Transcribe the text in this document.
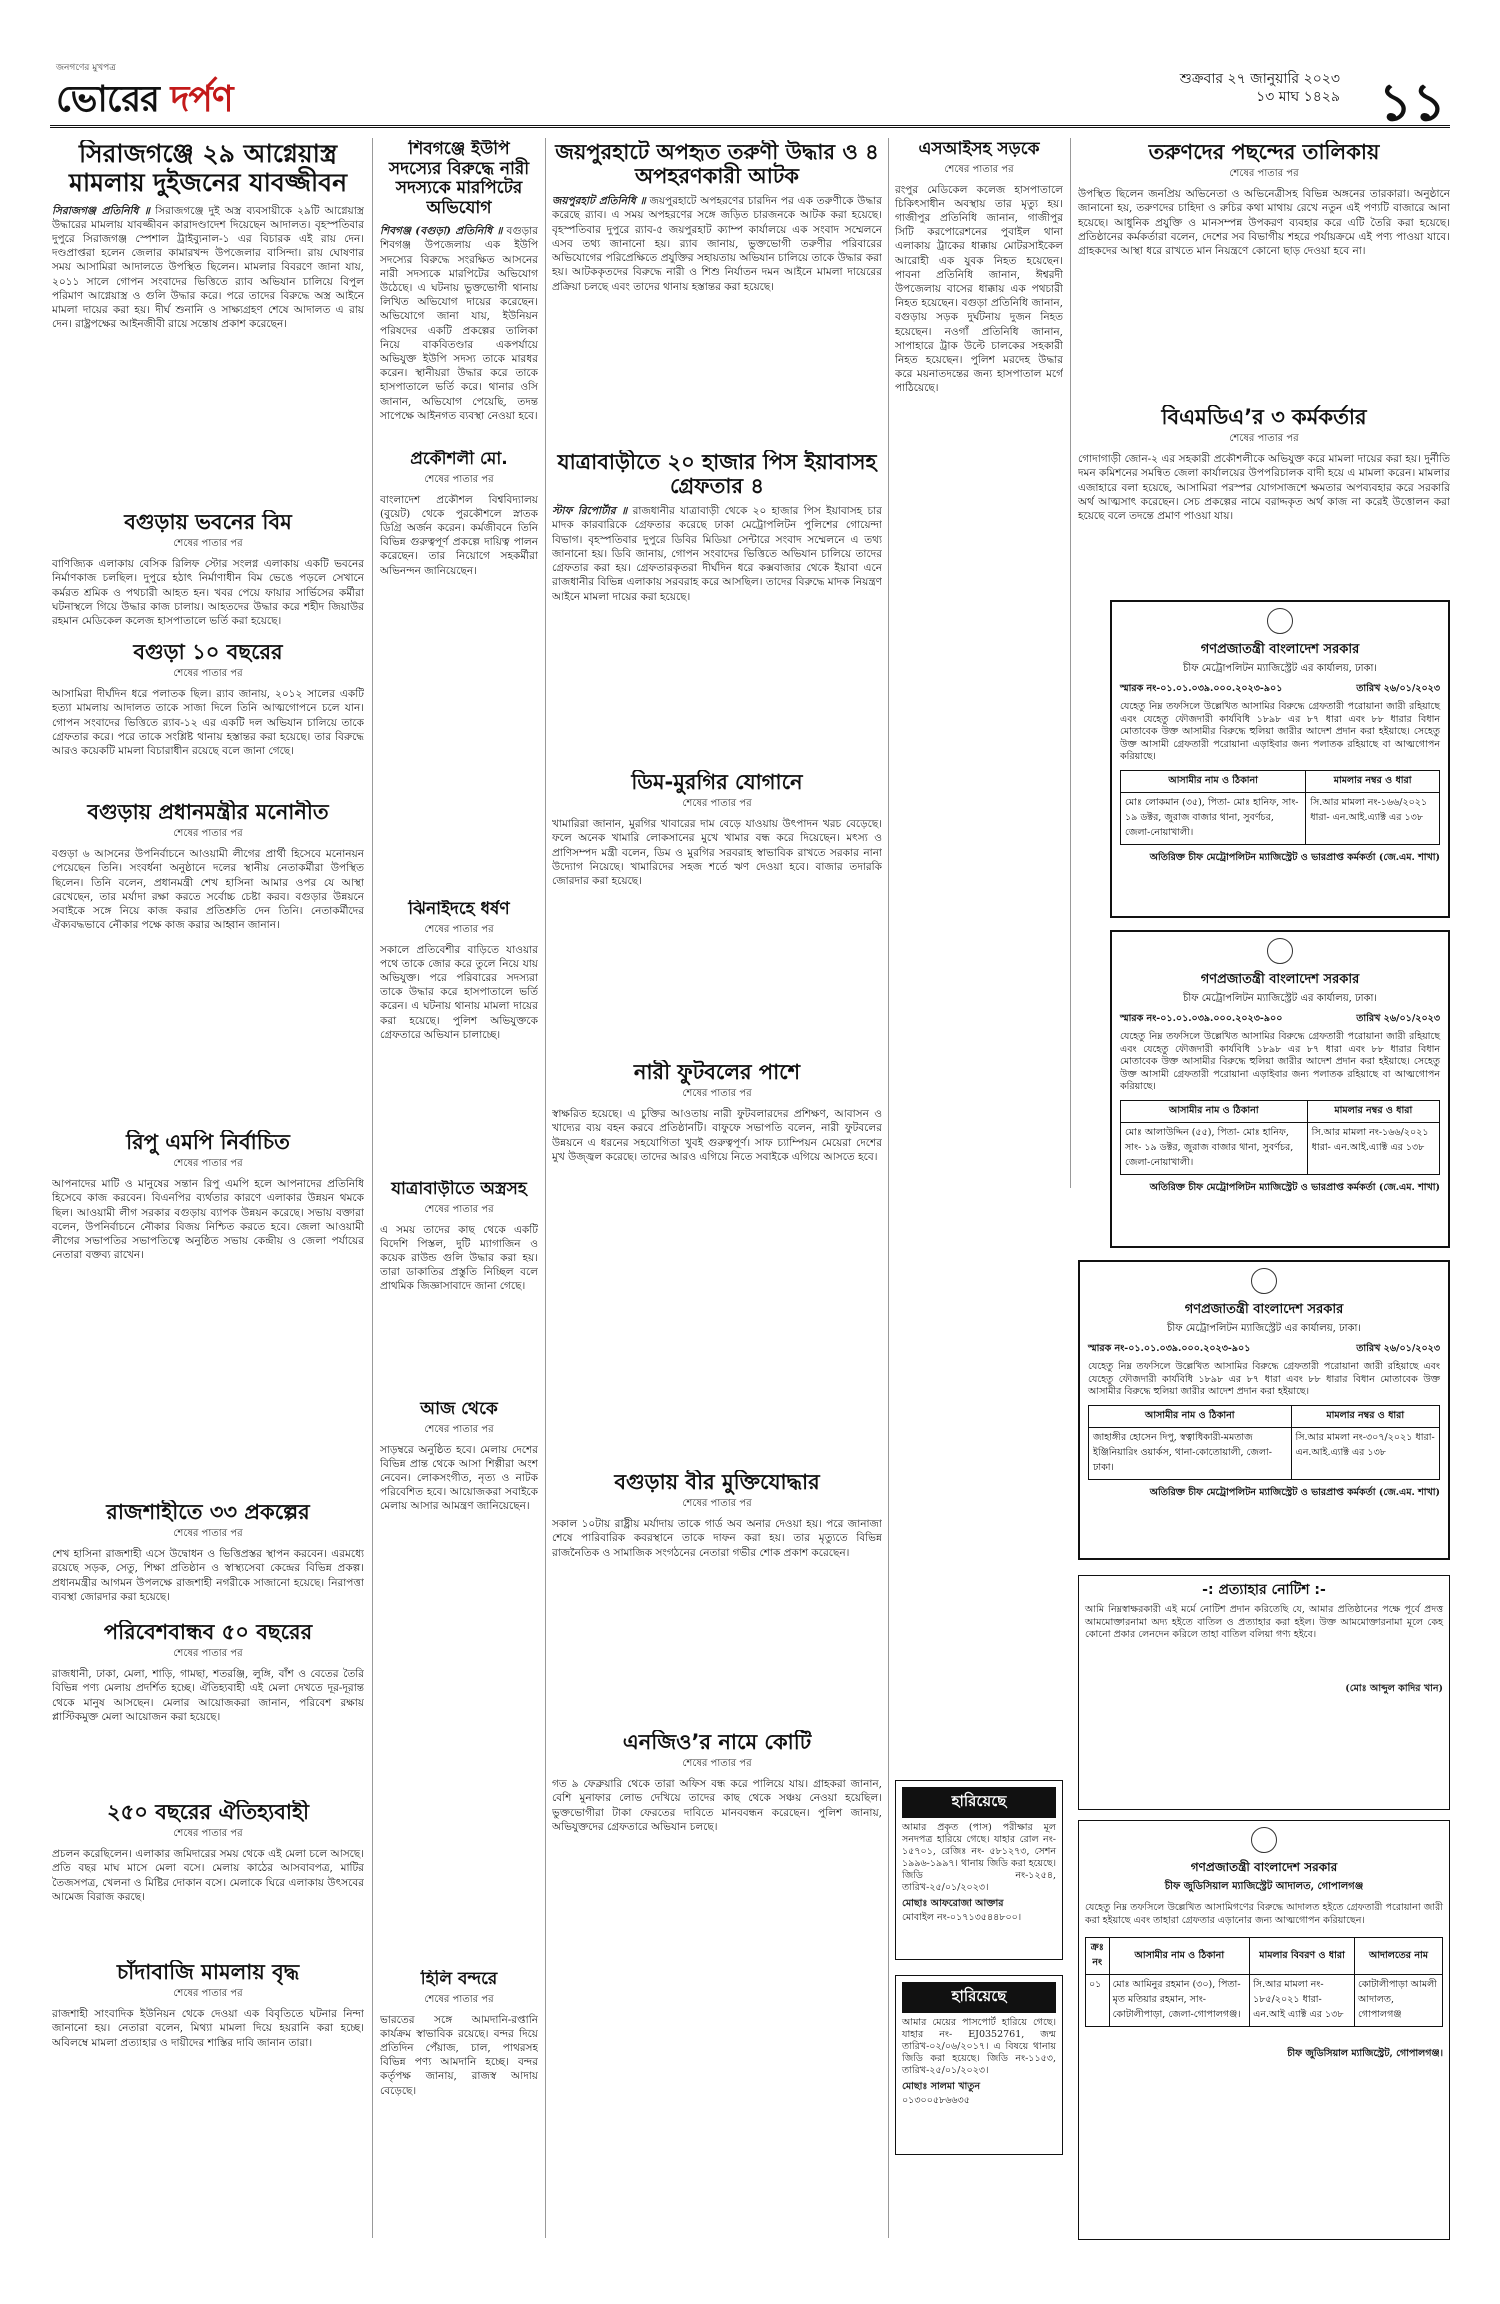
জনগণের মুখপত্র
ভোরের দর্পণ	শুক্রবার ২৭ জানুয়ারি ২০২৩
১৩ মাঘ ১৪২৯ ১১
সিরাজগঞ্জে ২৯ আগ্নেয়াস্ত্র মামলায় দুইজনের যাবজ্জীবন
সিরাজগঞ্জ প্রতিনিধি ॥ সিরাজগঞ্জে দুই অস্ত্র ব্যবসায়ীকে ২৯টি আগ্নেয়াস্ত্র উদ্ধারের মামলায় যাবজ্জীবন কারাদণ্ডাদেশ দিয়েছেন আদালত। বৃহস্পতিবার দুপুরে সিরাজগঞ্জ স্পেশাল ট্রাইব্যুনাল-১ এর বিচারক এই রায় দেন। দণ্ডপ্রাপ্তরা হলেন জেলার কামারখন্দ উপজেলার বাসিন্দা। রায় ঘোষণার সময় আসামিরা আদালতে উপস্থিত ছিলেন। মামলার বিবরণে জানা যায়, ২০১১ সালে গোপন সংবাদের ভিত্তিতে র‌্যাব অভিযান চালিয়ে বিপুল পরিমাণ আগ্নেয়াস্ত্র ও গুলি উদ্ধার করে। পরে তাদের বিরুদ্ধে অস্ত্র আইনে মামলা দায়ের করা হয়। দীর্ঘ শুনানি ও সাক্ষ্যগ্রহণ শেষে আদালত এ রায় দেন। রাষ্ট্রপক্ষের আইনজীবী রায়ে সন্তোষ প্রকাশ করেছেন।
বগুড়ায় ভবনের বিম
শেষের পাতার পর
বাণিজ্যিক এলাকায় বেসিক রিলিফ স্টোর সংলগ্ন এলাকায় একটি ভবনের নির্মাণকাজ চলছিল। দুপুরে হঠাৎ নির্মাণাধীন বিম ভেঙে পড়লে সেখানে কর্মরত শ্রমিক ও পথচারী আহত হন। খবর পেয়ে ফায়ার সার্ভিসের কর্মীরা ঘটনাস্থলে গিয়ে উদ্ধার কাজ চালায়। আহতদের উদ্ধার করে শহীদ জিয়াউর রহমান মেডিকেল কলেজ হাসপাতালে ভর্তি করা হয়েছে।
বগুড়া ১০ বছরের
শেষের পাতার পর
আসামিরা দীর্ঘদিন ধরে পলাতক ছিল। র‌্যাব জানায়, ২০১২ সালের একটি হত্যা মামলায় আদালত তাকে সাজা দিলে তিনি আত্মগোপনে চলে যান। গোপন সংবাদের ভিত্তিতে র‌্যাব-১২ এর একটি দল অভিযান চালিয়ে তাকে গ্রেফতার করে। পরে তাকে সংশ্লিষ্ট থানায় হস্তান্তর করা হয়েছে। তার বিরুদ্ধে আরও কয়েকটি মামলা বিচারাধীন রয়েছে বলে জানা গেছে।
বগুড়ায় প্রধানমন্ত্রীর মনোনীত
শেষের পাতার পর
বগুড়া ৬ আসনের উপনির্বাচনে আওয়ামী লীগের প্রার্থী হিসেবে মনোনয়ন পেয়েছেন তিনি। সংবর্ধনা অনুষ্ঠানে দলের স্থানীয় নেতাকর্মীরা উপস্থিত ছিলেন। তিনি বলেন, প্রধানমন্ত্রী শেখ হাসিনা আমার ওপর যে আস্থা রেখেছেন, তার মর্যাদা রক্ষা করতে সর্বোচ্চ চেষ্টা করব। বগুড়ার উন্নয়নে সবাইকে সঙ্গে নিয়ে কাজ করার প্রতিশ্রুতি দেন তিনি। নেতাকর্মীদের ঐক্যবদ্ধভাবে নৌকার পক্ষে কাজ করার আহ্বান জানান।
রিপু এমপি নির্বাচিত
শেষের পাতার পর
আপনাদের মাটি ও মানুষের সন্তান রিপু এমপি হলে আপনাদের প্রতিনিধি হিসেবে কাজ করবেন। বিএনপির ব্যর্থতার কারণে এলাকার উন্নয়ন থমকে ছিল। আওয়ামী লীগ সরকার বগুড়ায় ব্যাপক উন্নয়ন করেছে। সভায় বক্তারা বলেন, উপনির্বাচনে নৌকার বিজয় নিশ্চিত করতে হবে। জেলা আওয়ামী লীগের সভাপতির সভাপতিত্বে অনুষ্ঠিত সভায় কেন্দ্রীয় ও জেলা পর্যায়ের নেতারা বক্তব্য রাখেন।
রাজশাহীতে ৩৩ প্রকল্পের
শেষের পাতার পর
শেখ হাসিনা রাজশাহী এসে উদ্বোধন ও ভিত্তিপ্রস্তর স্থাপন করবেন। এরমধ্যে রয়েছে সড়ক, সেতু, শিক্ষা প্রতিষ্ঠান ও স্বাস্থ্যসেবা কেন্দ্রের বিভিন্ন প্রকল্প। প্রধানমন্ত্রীর আগমন উপলক্ষে রাজশাহী নগরীকে সাজানো হয়েছে। নিরাপত্তা ব্যবস্থা জোরদার করা হয়েছে।
পরিবেশবান্ধব ৫০ বছরের
শেষের পাতার পর
রাজধানী, ঢাকা, মেলা, শাড়ি, গামছা, শতরঞ্জি, লুঙ্গি, বাঁশ ও বেতের তৈরি বিভিন্ন পণ্য মেলায় প্রদর্শিত হচ্ছে। ঐতিহ্যবাহী এই মেলা দেখতে দূর-দূরান্ত থেকে মানুষ আসছেন। মেলার আয়োজকরা জানান, পরিবেশ রক্ষায় প্লাস্টিকমুক্ত মেলা আয়োজন করা হয়েছে।
২৫০ বছরের ঐতিহ্যবাহী
শেষের পাতার পর
প্রচলন করেছিলেন। এলাকার জমিদারের সময় থেকে এই মেলা চলে আসছে। প্রতি বছর মাঘ মাসে মেলা বসে। মেলায় কাঠের আসবাবপত্র, মাটির তৈজসপত্র, খেলনা ও মিষ্টির দোকান বসে। মেলাকে ঘিরে এলাকায় উৎসবের আমেজ বিরাজ করছে।
চাঁদাবাজি মামলায় বৃদ্ধ
শেষের পাতার পর
রাজশাহী সাংবাদিক ইউনিয়ন থেকে দেওয়া এক বিবৃতিতে ঘটনার নিন্দা জানানো হয়। নেতারা বলেন, মিথ্যা মামলা দিয়ে হয়রানি করা হচ্ছে। অবিলম্বে মামলা প্রত্যাহার ও দায়ীদের শাস্তির দাবি জানান তারা।
শিবগঞ্জে ইউপি সদস্যের বিরুদ্ধে নারী সদস্যকে মারপিটের অভিযোগ
শিবগঞ্জ (বগুড়া) প্রতিনিধি ॥ বগুড়ার শিবগঞ্জ উপজেলায় এক ইউপি সদস্যের বিরুদ্ধে সংরক্ষিত আসনের নারী সদস্যকে মারপিটের অভিযোগ উঠেছে। এ ঘটনায় ভুক্তভোগী থানায় লিখিত অভিযোগ দায়ের করেছেন। অভিযোগে জানা যায়, ইউনিয়ন পরিষদের একটি প্রকল্পের তালিকা নিয়ে বাকবিতণ্ডার একপর্যায়ে অভিযুক্ত ইউপি সদস্য তাকে মারধর করেন। স্থানীয়রা উদ্ধার করে তাকে হাসপাতালে ভর্তি করে। থানার ওসি জানান, অভিযোগ পেয়েছি, তদন্ত সাপেক্ষে আইনগত ব্যবস্থা নেওয়া হবে।
প্রকৌশলী মো.
শেষের পাতার পর
বাংলাদেশ প্রকৌশল বিশ্ববিদ্যালয় (বুয়েট) থেকে পুরকৌশলে স্নাতক ডিগ্রি অর্জন করেন। কর্মজীবনে তিনি বিভিন্ন গুরুত্বপূর্ণ প্রকল্পে দায়িত্ব পালন করেছেন। তার নিয়োগে সহকর্মীরা অভিনন্দন জানিয়েছেন।
ঝিনাইদহে ধর্ষণ
শেষের পাতার পর
সকালে প্রতিবেশীর বাড়িতে যাওয়ার পথে তাকে জোর করে তুলে নিয়ে যায় অভিযুক্ত। পরে পরিবারের সদস্যরা তাকে উদ্ধার করে হাসপাতালে ভর্তি করেন। এ ঘটনায় থানায় মামলা দায়ের করা হয়েছে। পুলিশ অভিযুক্তকে গ্রেফতারে অভিযান চালাচ্ছে।
যাত্রাবাড়ীতে অস্ত্রসহ
শেষের পাতার পর
এ সময় তাদের কাছ থেকে একটি বিদেশি পিস্তল, দুটি ম্যাগাজিন ও কয়েক রাউন্ড গুলি উদ্ধার করা হয়। তারা ডাকাতির প্রস্তুতি নিচ্ছিল বলে প্রাথমিক জিজ্ঞাসাবাদে জানা গেছে।
আজ থেকে
শেষের পাতার পর
সাড়ম্বরে অনুষ্ঠিত হবে। মেলায় দেশের বিভিন্ন প্রান্ত থেকে আসা শিল্পীরা অংশ নেবেন। লোকসংগীত, নৃত্য ও নাটক পরিবেশিত হবে। আয়োজকরা সবাইকে মেলায় আসার আমন্ত্রণ জানিয়েছেন।
হিলি বন্দরে
শেষের পাতার পর
ভারতের সঙ্গে আমদানি-রপ্তানি কার্যক্রম স্বাভাবিক রয়েছে। বন্দর দিয়ে প্রতিদিন পেঁয়াজ, চাল, পাথরসহ বিভিন্ন পণ্য আমদানি হচ্ছে। বন্দর কর্তৃপক্ষ জানায়, রাজস্ব আদায় বেড়েছে।
জয়পুরহাটে অপহৃত তরুণী উদ্ধার ও ৪ অপহরণকারী আটক
জয়পুরহাট প্রতিনিধি ॥ জয়পুরহাটে অপহরণের চারদিন পর এক তরুণীকে উদ্ধার করেছে র‌্যাব। এ সময় অপহরণের সঙ্গে জড়িত চারজনকে আটক করা হয়েছে। বৃহস্পতিবার দুপুরে র‌্যাব-৫ জয়পুরহাট ক্যাম্প কার্যালয়ে এক সংবাদ সম্মেলনে এসব তথ্য জানানো হয়। র‌্যাব জানায়, ভুক্তভোগী তরুণীর পরিবারের অভিযোগের পরিপ্রেক্ষিতে প্রযুক্তির সহায়তায় অভিযান চালিয়ে তাকে উদ্ধার করা হয়। আটককৃতদের বিরুদ্ধে নারী ও শিশু নির্যাতন দমন আইনে মামলা দায়েরের প্রক্রিয়া চলছে এবং তাদের থানায় হস্তান্তর করা হয়েছে।
যাত্রাবাড়ীতে ২০ হাজার পিস ইয়াবাসহ গ্রেফতার ৪
স্টাফ রিপোর্টার ॥ রাজধানীর যাত্রাবাড়ী থেকে ২০ হাজার পিস ইয়াবাসহ চার মাদক কারবারিকে গ্রেফতার করেছে ঢাকা মেট্রোপলিটন পুলিশের গোয়েন্দা বিভাগ। বৃহস্পতিবার দুপুরে ডিবির মিডিয়া সেন্টারে সংবাদ সম্মেলনে এ তথ্য জানানো হয়। ডিবি জানায়, গোপন সংবাদের ভিত্তিতে অভিযান চালিয়ে তাদের গ্রেফতার করা হয়। গ্রেফতারকৃতরা দীর্ঘদিন ধরে কক্সবাজার থেকে ইয়াবা এনে রাজধানীর বিভিন্ন এলাকায় সরবরাহ করে আসছিল। তাদের বিরুদ্ধে মাদক নিয়ন্ত্রণ আইনে মামলা দায়ের করা হয়েছে।
ডিম-মুরগির যোগানে
শেষের পাতার পর
খামারিরা জানান, মুরগির খাবারের দাম বেড়ে যাওয়ায় উৎপাদন খরচ বেড়েছে। ফলে অনেক খামারি লোকসানের মুখে খামার বন্ধ করে দিয়েছেন। মৎস্য ও প্রাণিসম্পদ মন্ত্রী বলেন, ডিম ও মুরগির সরবরাহ স্বাভাবিক রাখতে সরকার নানা উদ্যোগ নিয়েছে। খামারিদের সহজ শর্তে ঋণ দেওয়া হবে। বাজার তদারকি জোরদার করা হয়েছে।
নারী ফুটবলের পাশে
শেষের পাতার পর
স্বাক্ষরিত হয়েছে। এ চুক্তির আওতায় নারী ফুটবলারদের প্রশিক্ষণ, আবাসন ও খাদ্যের ব্যয় বহন করবে প্রতিষ্ঠানটি। বাফুফে সভাপতি বলেন, নারী ফুটবলের উন্নয়নে এ ধরনের সহযোগিতা খুবই গুরুত্বপূর্ণ। সাফ চ্যাম্পিয়ন মেয়েরা দেশের মুখ উজ্জ্বল করেছে। তাদের আরও এগিয়ে নিতে সবাইকে এগিয়ে আসতে হবে।
বগুড়ায় বীর মুক্তিযোদ্ধার
শেষের পাতার পর
সকাল ১০টায় রাষ্ট্রীয় মর্যাদায় তাকে গার্ড অব অনার দেওয়া হয়। পরে জানাজা শেষে পারিবারিক কবরস্থানে তাকে দাফন করা হয়। তার মৃত্যুতে বিভিন্ন রাজনৈতিক ও সামাজিক সংগঠনের নেতারা গভীর শোক প্রকাশ করেছেন।
এনজিও’র নামে কোটি
শেষের পাতার পর
গত ৯ ফেব্রুয়ারি থেকে তারা অফিস বন্ধ করে পালিয়ে যায়। গ্রাহকরা জানান, বেশি মুনাফার লোভ দেখিয়ে তাদের কাছ থেকে সঞ্চয় নেওয়া হয়েছিল। ভুক্তভোগীরা টাকা ফেরতের দাবিতে মানববন্ধন করেছেন। পুলিশ জানায়, অভিযুক্তদের গ্রেফতারে অভিযান চলছে।
এসআইসহ সড়কে
শেষের পাতার পর
রংপুর মেডিকেল কলেজ হাসপাতালে চিকিৎসাধীন অবস্থায় তার মৃত্যু হয়। গাজীপুর প্রতিনিধি জানান, গাজীপুর সিটি করপোরেশনের পুবাইল থানা এলাকায় ট্রাকের ধাক্কায় মোটরসাইকেল আরোহী এক যুবক নিহত হয়েছেন। পাবনা প্রতিনিধি জানান, ঈশ্বরদী উপজেলায় বাসের ধাক্কায় এক পথচারী নিহত হয়েছেন। বগুড়া প্রতিনিধি জানান, বগুড়ায় সড়ক দুর্ঘটনায় দুজন নিহত হয়েছেন। নওগাঁ প্রতিনিধি জানান, সাপাহারে ট্রাক উল্টে চালকের সহকারী নিহত হয়েছেন। পুলিশ মরদেহ উদ্ধার করে ময়নাতদন্তের জন্য হাসপাতাল মর্গে পাঠিয়েছে।
হারিয়েছে
আমার প্রকৃত (পাস) পরীক্ষার মূল সনদপত্র হারিয়ে গেছে। যাহার রোল নং- ১৫৭০১, রেজিঃ নং- ৫৮১২৭৩, সেশন ১৯৯৬-১৯৯৭। থানায় জিডি করা হয়েছে। জিডি নং-১২৫৪, তারিখ-২৫/০১/২০২৩।
মোছাঃ আফরোজা আক্তার
মোবাইল নং-০১৭১৩৫৪৪৮০০।
হারিয়েছে
আমার মেয়ের পাসপোর্ট হারিয়ে গেছে। যাহার নং- EJ0352761, জন্ম তারিখ-০২/০৬/২০১৭। এ বিষয়ে থানায় জিডি করা হয়েছে। জিডি নং-১১৫৩, তারিখ-২৫/০১/২০২৩।
মোছাঃ সালমা খাতুন
০১৩০০৫৮৬৬৩৫
তরুণদের পছন্দের তালিকায়
শেষের পাতার পর
উপস্থিত ছিলেন জনপ্রিয় অভিনেতা ও অভিনেত্রীসহ বিভিন্ন অঙ্গনের তারকারা। অনুষ্ঠানে জানানো হয়, তরুণদের চাহিদা ও রুচির কথা মাথায় রেখে নতুন এই পণ্যটি বাজারে আনা হয়েছে। আধুনিক প্রযুক্তি ও মানসম্পন্ন উপকরণ ব্যবহার করে এটি তৈরি করা হয়েছে। প্রতিষ্ঠানের কর্মকর্তারা বলেন, দেশের সব বিভাগীয় শহরে পর্যায়ক্রমে এই পণ্য পাওয়া যাবে। গ্রাহকদের আস্থা ধরে রাখতে মান নিয়ন্ত্রণে কোনো ছাড় দেওয়া হবে না।
বিএমডিএ’র ৩ কর্মকর্তার
শেষের পাতার পর
গোদাগাড়ী জোন-২ এর সহকারী প্রকৌশলীকে অভিযুক্ত করে মামলা দায়ের করা হয়। দুর্নীতি দমন কমিশনের সমন্বিত জেলা কার্যালয়ের উপপরিচালক বাদী হয়ে এ মামলা করেন। মামলার এজাহারে বলা হয়েছে, আসামিরা পরস্পর যোগসাজশে ক্ষমতার অপব্যবহার করে সরকারি অর্থ আত্মসাৎ করেছেন। সেচ প্রকল্পের নামে বরাদ্দকৃত অর্থ কাজ না করেই উত্তোলন করা হয়েছে বলে তদন্তে প্রমাণ পাওয়া যায়।
গণপ্রজাতন্ত্রী বাংলাদেশ সরকার
চীফ মেট্রোপলিটন ম্যাজিস্ট্রেট এর কার্যালয়, ঢাকা।
স্মারক নং-০১.০১.০৩৯.০০০.২০২৩-৯০১	তারিখ ২৬/০১/২০২৩
যেহেতু নিম্ন তফসিলে উল্লেখিত আসামির বিরুদ্ধে গ্রেফতারী পরোয়ানা জারী রহিয়াছে এবং যেহেতু ফৌজদারী কার্যবিধি ১৮৯৮ এর ৮৭ ধারা এবং ৮৮ ধারার বিধান মোতাবেক উক্ত আসামীর বিরুদ্ধে হুলিয়া জারীর আদেশ প্রদান করা হইয়াছে। সেহেতু উক্ত আসামী গ্রেফতারী পরোয়ানা এড়াইবার জন্য পলাতক রহিয়াছে বা আত্মগোপন করিয়াছে।
আসামীর নাম ও ঠিকানা	মামলার নম্বর ও ধারা
মোঃ লোকমান (৩৫), পিতা- মোঃ হানিফ, সাং- ১৯ ডক্টর, জুরাজ বাজার থানা, সুবর্ণচর, জেলা-নোয়াখালী।	সি.আর মামলা নং-১৬৬/২০২১ ধারা- এন.আই.এ্যাক্ট এর ১৩৮
অতিরিক্ত চীফ মেট্রোপলিটন ম্যাজিস্ট্রেট ও ভারপ্রাপ্ত কর্মকর্তা (জে.এম. শাখা)
গণপ্রজাতন্ত্রী বাংলাদেশ সরকার
চীফ মেট্রোপলিটন ম্যাজিস্ট্রেট এর কার্যালয়, ঢাকা।
স্মারক নং-০১.০১.০৩৯.০০০.২০২৩-৯০০	তারিখ ২৬/০১/২০২৩
যেহেতু নিম্ন তফসিলে উল্লেখিত আসামির বিরুদ্ধে গ্রেফতারী পরোয়ানা জারী রহিয়াছে এবং যেহেতু ফৌজদারী কার্যবিধি ১৮৯৮ এর ৮৭ ধারা এবং ৮৮ ধারার বিধান মোতাবেক উক্ত আসামীর বিরুদ্ধে হুলিয়া জারীর আদেশ প্রদান করা হইয়াছে। সেহেতু উক্ত আসামী গ্রেফতারী পরোয়ানা এড়াইবার জন্য পলাতক রহিয়াছে বা আত্মগোপন করিয়াছে।
আসামীর নাম ও ঠিকানা	মামলার নম্বর ও ধারা
মোঃ আলাউদ্দিন (৫৫), পিতা- মোঃ হানিফ, সাং- ১৯ ডক্টর, জুরাজ বাজার থানা, সুবর্ণচর, জেলা-নোয়াখালী।	সি.আর মামলা নং-১৬৬/২০২১ ধারা- এন.আই.এ্যাক্ট এর ১৩৮
অতিরিক্ত চীফ মেট্রোপলিটন ম্যাজিস্ট্রেট ও ভারপ্রাপ্ত কর্মকর্তা (জে.এম. শাখা)
গণপ্রজাতন্ত্রী বাংলাদেশ সরকার
চীফ মেট্রোপলিটন ম্যাজিস্ট্রেট এর কার্যালয়, ঢাকা।
স্মারক নং-০১.০১.০৩৯.০০০.২০২৩-৯০১	তারিখ ২৬/০১/২০২৩
যেহেতু নিম্ন তফসিলে উল্লেখিত আসামির বিরুদ্ধে গ্রেফতারী পরোয়ানা জারী রহিয়াছে এবং যেহেতু ফৌজদারী কার্যবিধি ১৮৯৮ এর ৮৭ ধারা এবং ৮৮ ধারার বিধান মোতাবেক উক্ত আসামীর বিরুদ্ধে হুলিয়া জারীর আদেশ প্রদান করা হইয়াছে।
আসামীর নাম ও ঠিকানা	মামলার নম্বর ও ধারা
জাহাঙ্গীর হোসেন দিপু, স্বত্বাধিকারী-মমতাজ ইঞ্জিনিয়ারিং ওয়ার্কস, থানা-কোতোয়ালী, জেলা-ঢাকা।	সি.আর মামলা নং-৩০৭/২০২১ ধারা- এন.আই.এ্যাক্ট এর ১৩৮
অতিরিক্ত চীফ মেট্রোপলিটন ম্যাজিস্ট্রেট ও ভারপ্রাপ্ত কর্মকর্তা (জে.এম. শাখা)
-: প্রত্যাহার নোটিশ :-
আমি নিম্নস্বাক্ষরকারী এই মর্মে নোটিশ প্রদান করিতেছি যে, আমার প্রতিষ্ঠানের পক্ষে পূর্বে প্রদত্ত আমমোক্তারনামা অদ্য হইতে বাতিল ও প্রত্যাহার করা হইল। উক্ত আমমোক্তারনামা মূলে কেহ কোনো প্রকার লেনদেন করিলে তাহা বাতিল বলিয়া গণ্য হইবে।
(মোঃ আব্দুল কাদির খান)
গণপ্রজাতন্ত্রী বাংলাদেশ সরকার
চীফ জুডিসিয়াল ম্যাজিস্ট্রেট আদালত, গোপালগঞ্জ
যেহেতু নিম্ন তফসিলে উল্লেখিত আসামিগণের বিরুদ্ধে আদালত হইতে গ্রেফতারী পরোয়ানা জারী করা হইয়াছে এবং তাহারা গ্রেফতার এড়ানোর জন্য আত্মগোপন করিয়াছেন।
ক্রঃ নং	আসামীর নাম ও ঠিকানা	মামলার বিবরণ ও ধারা	আদালতের নাম
০১	মোঃ আমিনুর রহমান (৩০), পিতা-মৃত মতিয়ার রহমান, সাং-কোটালীপাড়া, জেলা-গোপালগঞ্জ।	সি.আর মামলা নং- ১৮৫/২০২১ ধারা- এন.আই এ্যাক্ট এর ১৩৮	কোটালীপাড়া আমলী আদালত, গোপালগঞ্জ
চীফ জুডিসিয়াল ম্যাজিস্ট্রেট, গোপালগঞ্জ।
